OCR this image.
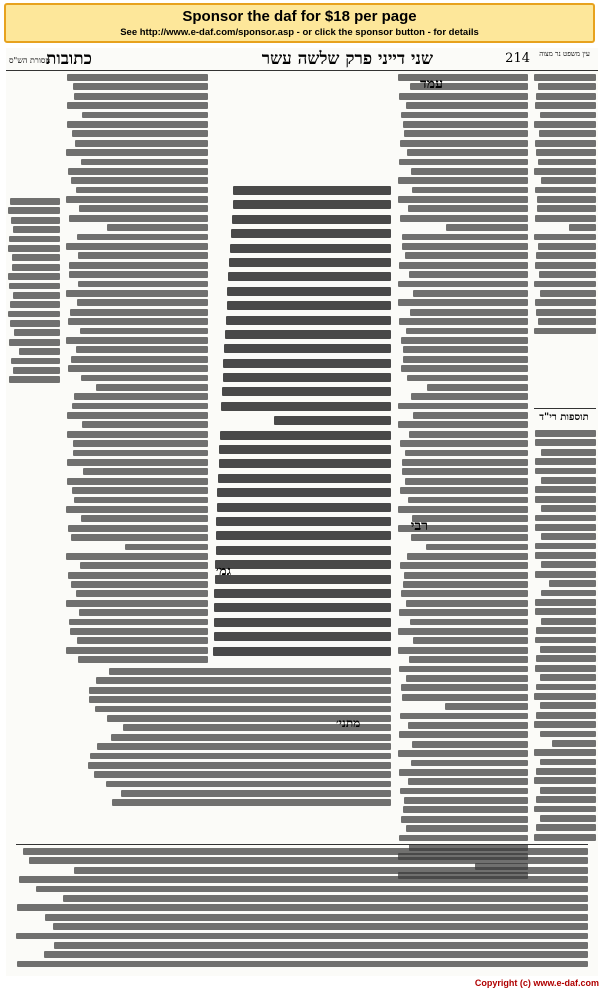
Sponsor the daf for $18 per page
See http://www.e-daf.com/sponsor.asp - or click the sponsor button - for details
עין משפט נר מצוה
214
שני דייני פרק שלשה עשר
כתובות
מסורת הש"ס
תוספות רי"ד
עמד
רבי
גמ׳
מתני׳
Copyright (c) www.e-daf.com
